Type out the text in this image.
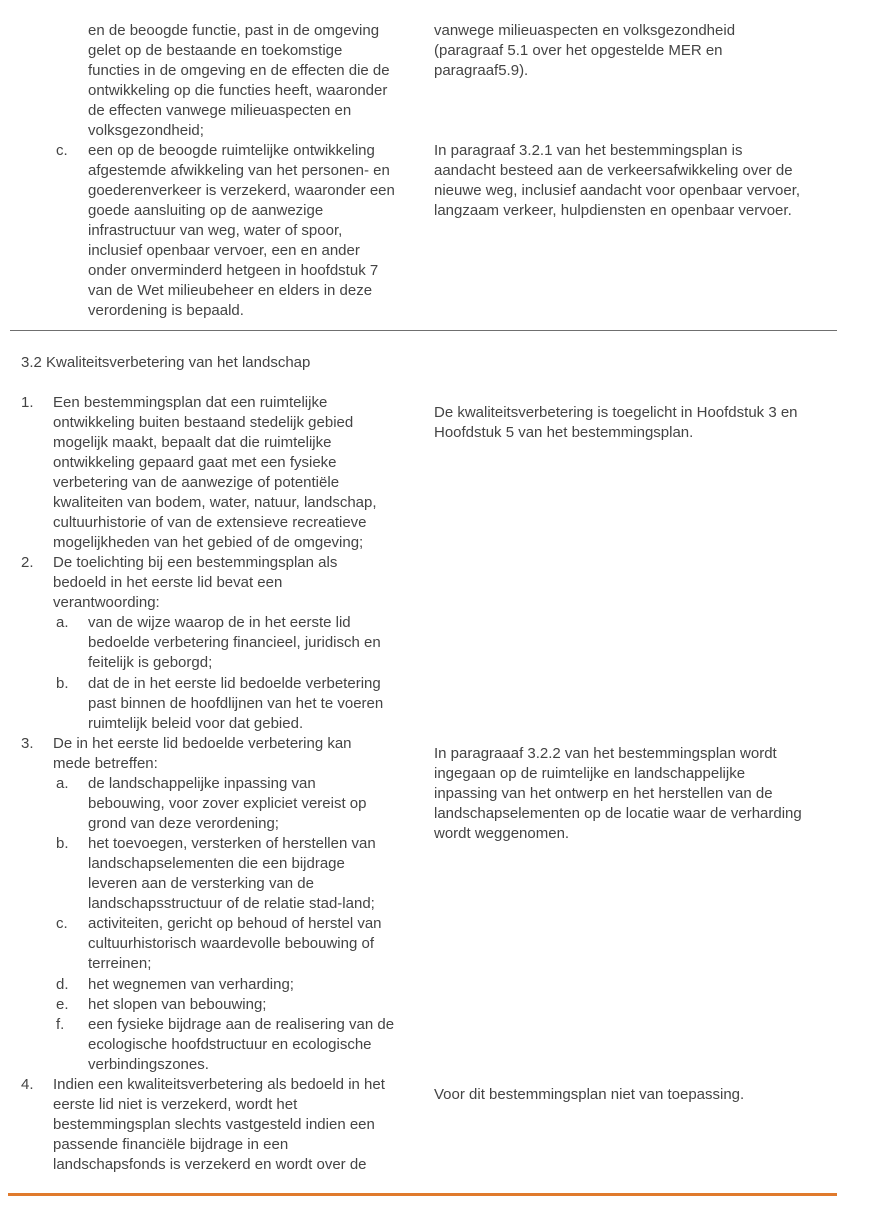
en de beoogde functie, past in de omgeving
gelet op de bestaande en toekomstige
functies in de omgeving en de effecten die de
ontwikkeling op die functies heeft, waaronder
de effecten vanwege milieuaspecten en
volksgezondheid;
vanwege milieuaspecten en volksgezondheid
(paragraaf 5.1 over het opgestelde MER en
paragraaf5.9).
c. een op de beoogde ruimtelijke ontwikkeling
afgestemde afwikkeling van het personen- en
goederenverkeer is verzekerd, waaronder een
goede aansluiting op de aanwezige
infrastructuur van weg, water of spoor,
inclusief openbaar vervoer, een en ander
onder onverminderd hetgeen in hoofdstuk 7
van de Wet milieubeheer en elders in deze
verordening is bepaald.
In paragraaf 3.2.1 van het bestemmingsplan is
aandacht besteed aan de verkeersafwikkeling over de
nieuwe weg, inclusief aandacht voor openbaar vervoer,
langzaam verkeer, hulpdiensten en openbaar vervoer.
3.2 Kwaliteitsverbetering van het landschap
1. Een bestemmingsplan dat een ruimtelijke
ontwikkeling buiten bestaand stedelijk gebied
mogelijk maakt, bepaalt dat die ruimtelijke
ontwikkeling gepaard gaat met een fysieke
verbetering van de aanwezige of potentiële
kwaliteiten van bodem, water, natuur, landschap,
cultuurhistorie of van de extensieve recreatieve
mogelijkheden van het gebied of de omgeving;
De kwaliteitsverbetering is toegelicht in Hoofdstuk 3 en
Hoofdstuk 5 van het bestemmingsplan.
2. De toelichting bij een bestemmingsplan als
bedoeld in het eerste lid bevat een
verantwoording:
a. van de wijze waarop de in het eerste lid
bedoelde verbetering financieel, juridisch en
feitelijk is geborgd;
b. dat de in het eerste lid bedoelde verbetering
past binnen de hoofdlijnen van het te voeren
ruimtelijk beleid voor dat gebied.
3. De in het eerste lid bedoelde verbetering kan
mede betreffen:
a. de landschappelijke inpassing van
bebouwing, voor zover expliciet vereist op
grond van deze verordening;
b. het toevoegen, versterken of herstellen van
landschapselementen die een bijdrage
leveren aan de versterking van de
landschapsstructuur of de relatie stad-land;
c. activiteiten, gericht op behoud of herstel van
cultuurhistorisch waardevolle bebouwing of
terreinen;
d. het wegnemen van verharding;
e. het slopen van bebouwing;
f. een fysieke bijdrage aan de realisering van de
ecologische hoofdstructuur en ecologische
verbindingszones.
In paragraaaf 3.2.2 van het bestemmingsplan wordt
ingegaan op de ruimtelijke en landschappelijke
inpassing van het ontwerp en het herstellen van de
landschapselementen op de locatie waar de verharding
wordt weggenomen.
4. Indien een kwaliteitsverbetering als bedoeld in het
eerste lid niet is verzekerd, wordt het
bestemmingsplan slechts vastgesteld indien een
passende financiële bijdrage in een
landschapsfonds is verzekerd en wordt over de
Voor dit bestemmingsplan niet van toepassing.
